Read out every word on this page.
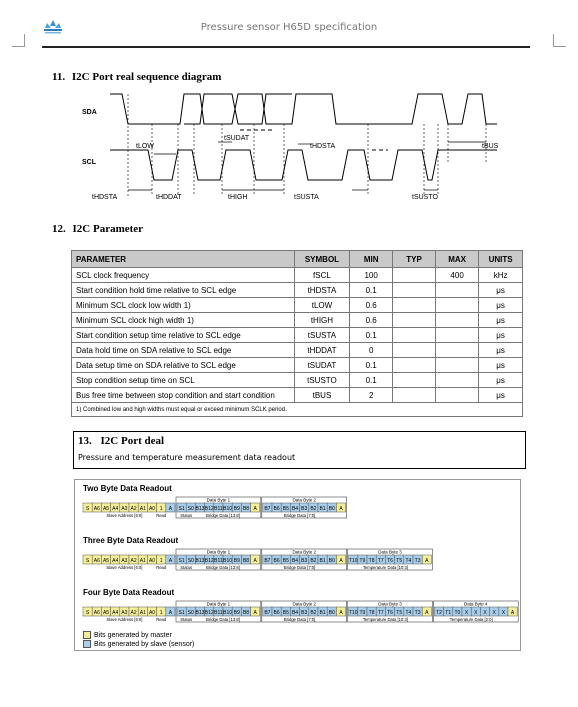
Pressure sensor H65D specification
11. I2C Port real sequence diagram
SDA
SCL
tLOW
tSUDAT
tHDSTA	tBUS
tHDSTA	tHDDAT	tHIGH	tSUSTA	tSUSTO
12. I2C Parameter
PARAMETER	SYMBOL	MIN	TYP	MAX	UNITS
SCL clock frequency	fSCL	100		400	kHz
Start condition hold time relative to SCL edge	tHDSTA	0.1			μs
Minimum SCL clock low width 1)	tLOW	0.6			μs
Minimum SCL clock high width 1)	tHIGH	0.6			μs
Start condition setup time relative to SCL edge	tSUSTA	0.1			μs
Data hold time on SDA relative to SCL edge	tHDDAT	0			μs
Data setup time on SDA relative to SCL edge	tSUDAT	0.1			μs
Stop condition setup time on SCL	tSUSTO	0.1			μs
Bus free time between stop condition and start condition	tBUS	2			μs
1) Combined low and high widths must equal or exceed minimum SCLK period.					
13. I2C Port deal
Pressure and temperature measurement data readout
Two Byte Data Readout
S A6 A5 A4 A3 A2 A1 A0 1 A
Slave Address [6:0]	Read
S1 S0 B13 B12 B11 B10 B9 B8 A
Data Byte 1
Status	Bridge Data [13:8]
B7 B6 B5 B4 B3 B2 B1 B0 A
Data Byte 2
Bridge Data [7:0]
Three Byte Data Readout
S A6 A5 A4 A3 A2 A1 A0 1 A
Slave Address [6:0]	Read
S1 S0 B13 B12 B11 B10 B9 B8 A
Data Byte 1
Status	Bridge Data [13:8]
B7 B6 B5 B4 B3 B2 B1 B0 A
Data Byte 2
Bridge Data [7:0]
T10 T9 T8 T7 T6 T5 T4 T3 A
Data Byte 3
Temperature Data [10:3]
Four Byte Data Readout
S A6 A5 A4 A3 A2 A1 A0 1 A
Slave Address [6:0]	Read
S1 S0 B13 B12 B11 B10 B9 B8 A
Data Byte 1
Status	Bridge Data [13:8]
B7 B6 B5 B4 B3 B2 B1 B0 A
Data Byte 2
Bridge Data [7:0]
T10 T9 T8 T7 T6 T5 T4 T3 A
Data Byte 3
Temperature Data [10:3]
T2 T1 T0 X X X X X A
Data Byte 4
Temperature Data [2:0]
Bits generated by master
Bits generated by slave (sensor)
